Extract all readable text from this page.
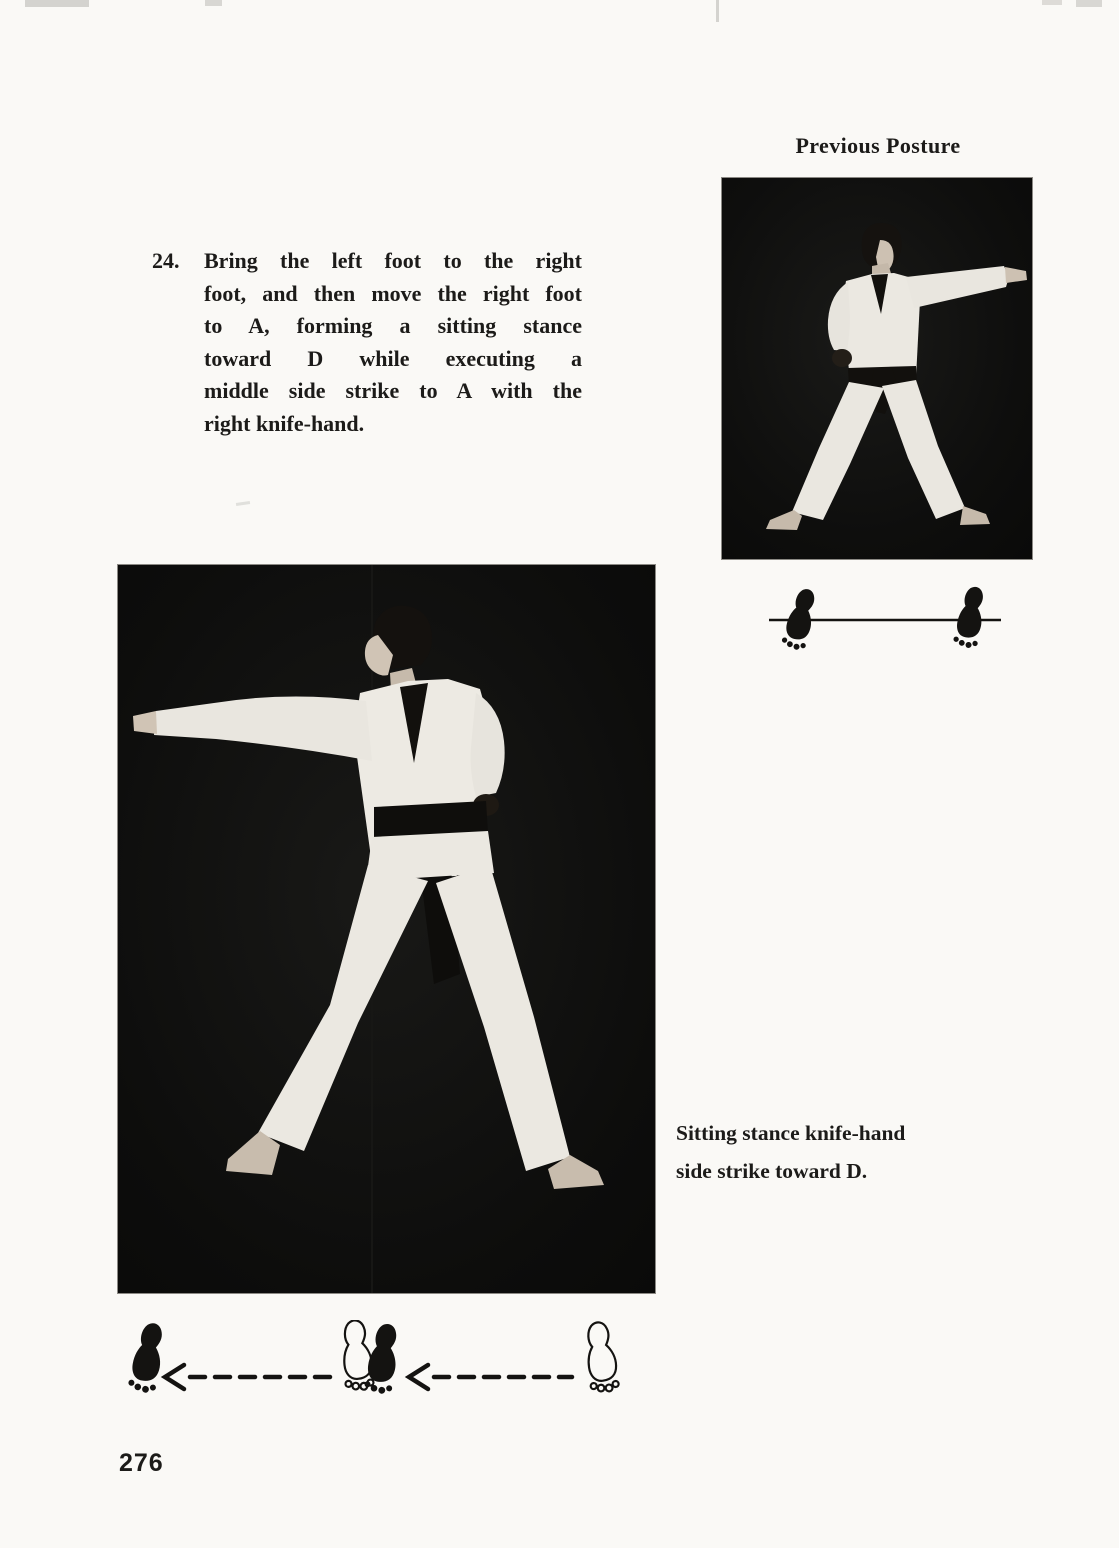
Previous Posture
24.	Bring the left foot to the right
foot, and then move the right foot
to A, forming a sitting stance
toward D while executing a
middle side strike to A with the
right knife-hand.
Sitting stance knife-hand
side strike toward D.
276
